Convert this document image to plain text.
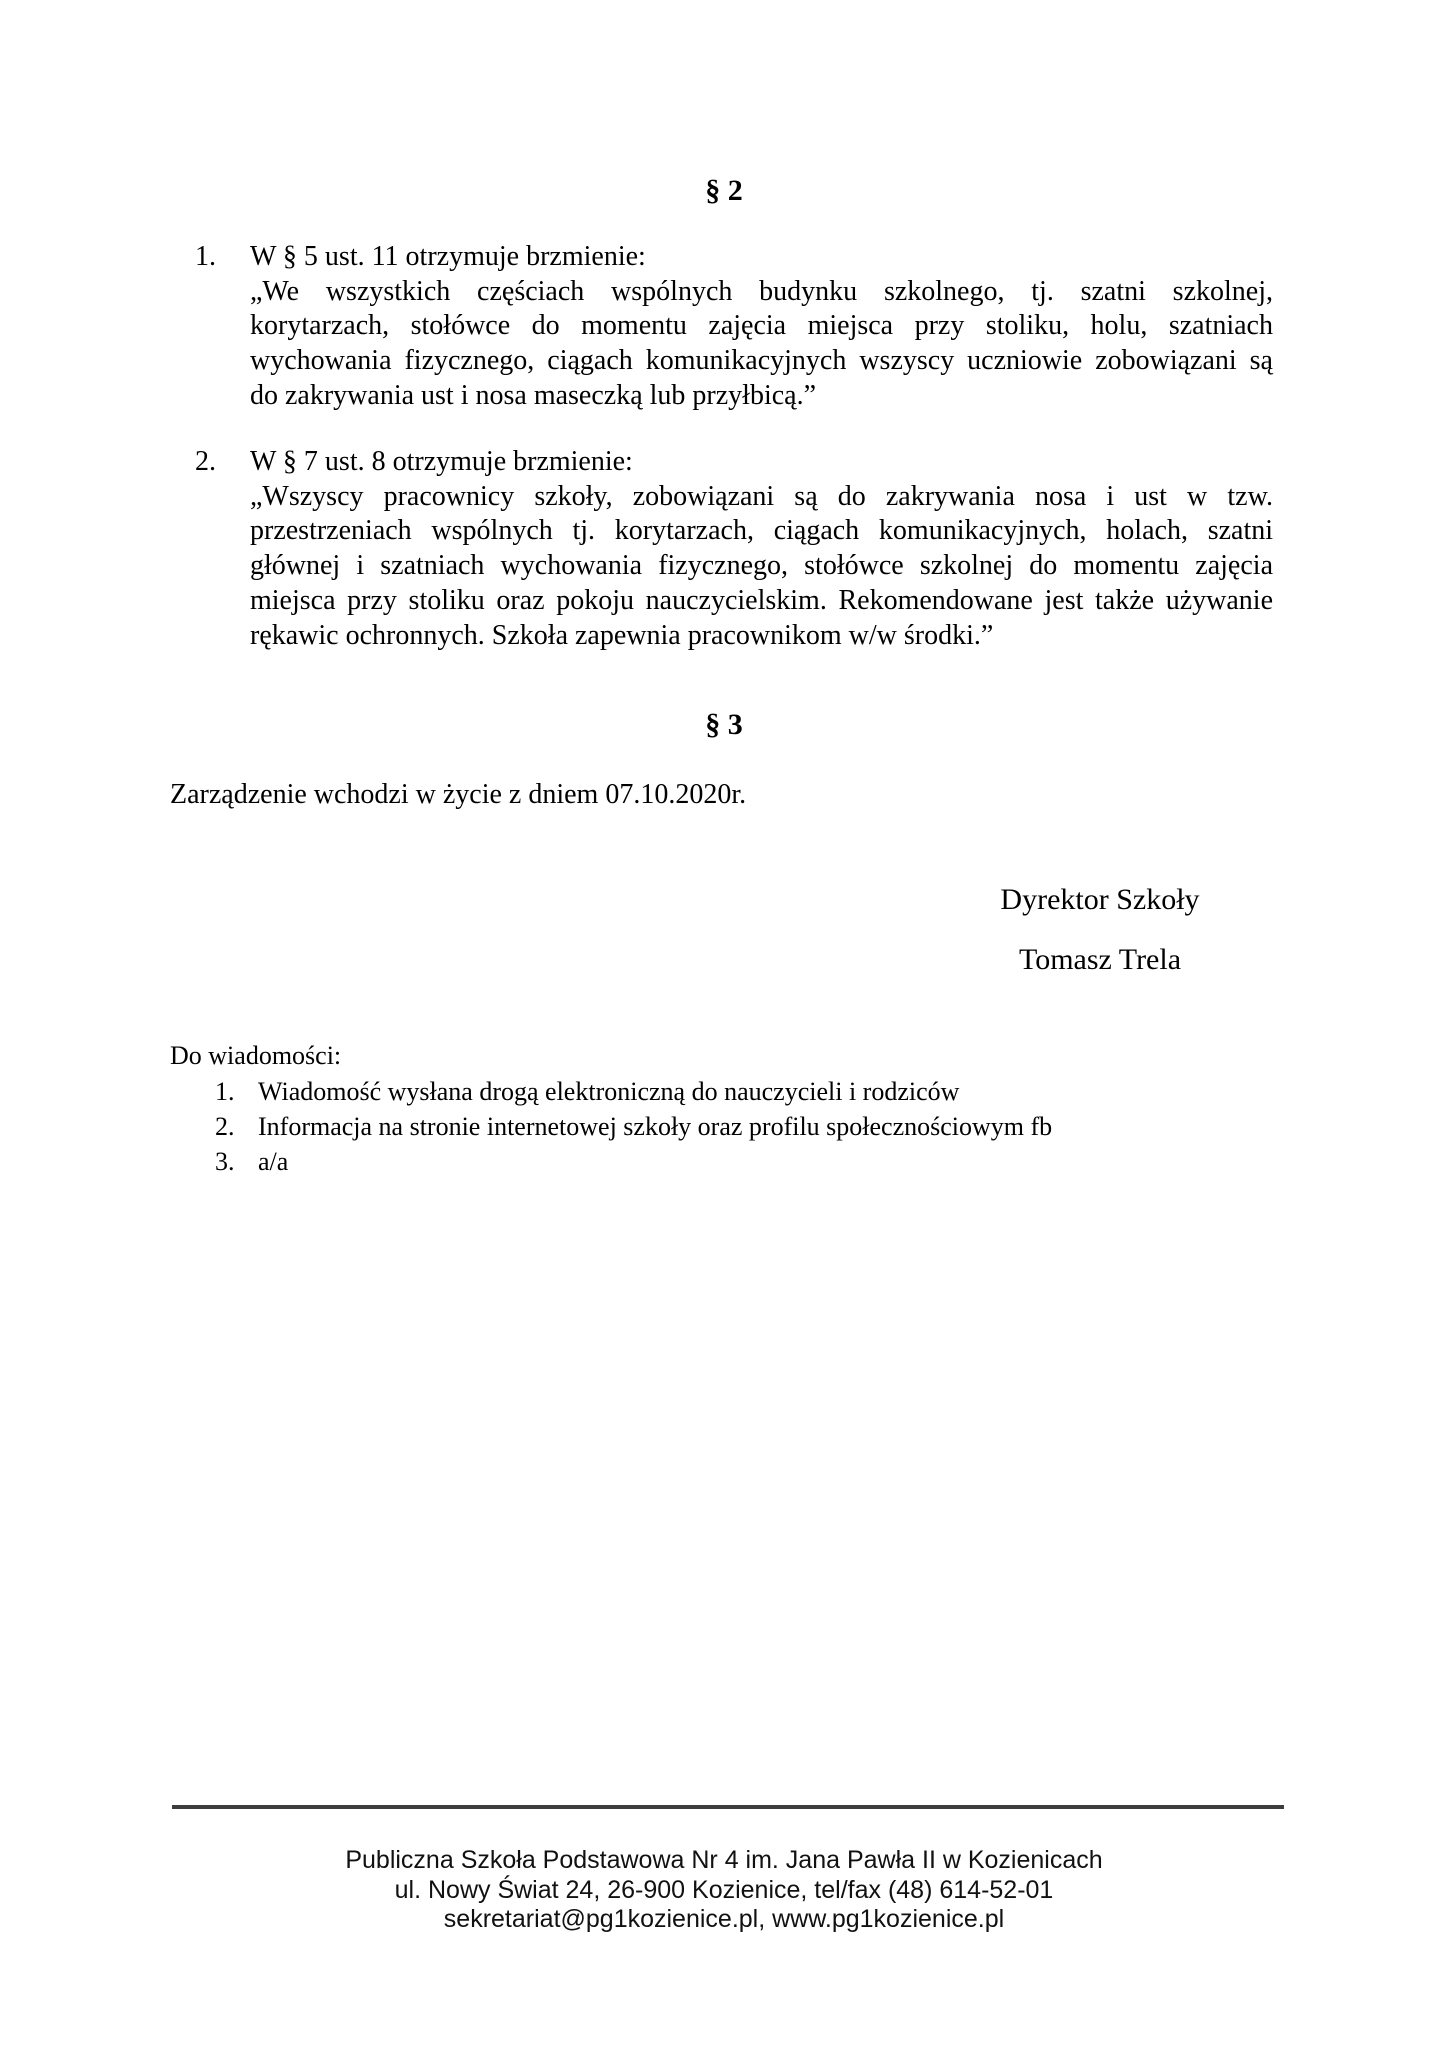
§ 2
1.	W § 5 ust. 11 otrzymuje brzmienie:
„We wszystkich częściach wspólnych budynku szkolnego, tj. szatni szkolnej,
korytarzach, stołówce do momentu zajęcia miejsca przy stoliku, holu, szatniach
wychowania fizycznego, ciągach komunikacyjnych wszyscy uczniowie zobowiązani są
do zakrywania ust i nosa maseczką lub przyłbicą.”
2.	W § 7 ust. 8 otrzymuje brzmienie:
„Wszyscy pracownicy szkoły, zobowiązani są do zakrywania nosa i ust w tzw.
przestrzeniach wspólnych tj. korytarzach, ciągach komunikacyjnych, holach, szatni
głównej i szatniach wychowania fizycznego, stołówce szkolnej do momentu zajęcia
miejsca przy stoliku oraz pokoju nauczycielskim. Rekomendowane jest także używanie
rękawic ochronnych. Szkoła zapewnia pracownikom w/w środki.”
§ 3
Zarządzenie wchodzi w życie z dniem 07.10.2020r.
Dyrektor Szkoły
Tomasz Trela
Do wiadomości:
1. Wiadomość wysłana drogą elektroniczną do nauczycieli i rodziców
2. Informacja na stronie internetowej szkoły oraz profilu społecznościowym fb
3. a/a
Publiczna Szkoła Podstawowa Nr 4 im. Jana Pawła II w Kozienicach
ul. Nowy Świat 24, 26-900 Kozienice, tel/fax (48) 614-52-01
sekretariat@pg1kozienice.pl, www.pg1kozienice.pl
